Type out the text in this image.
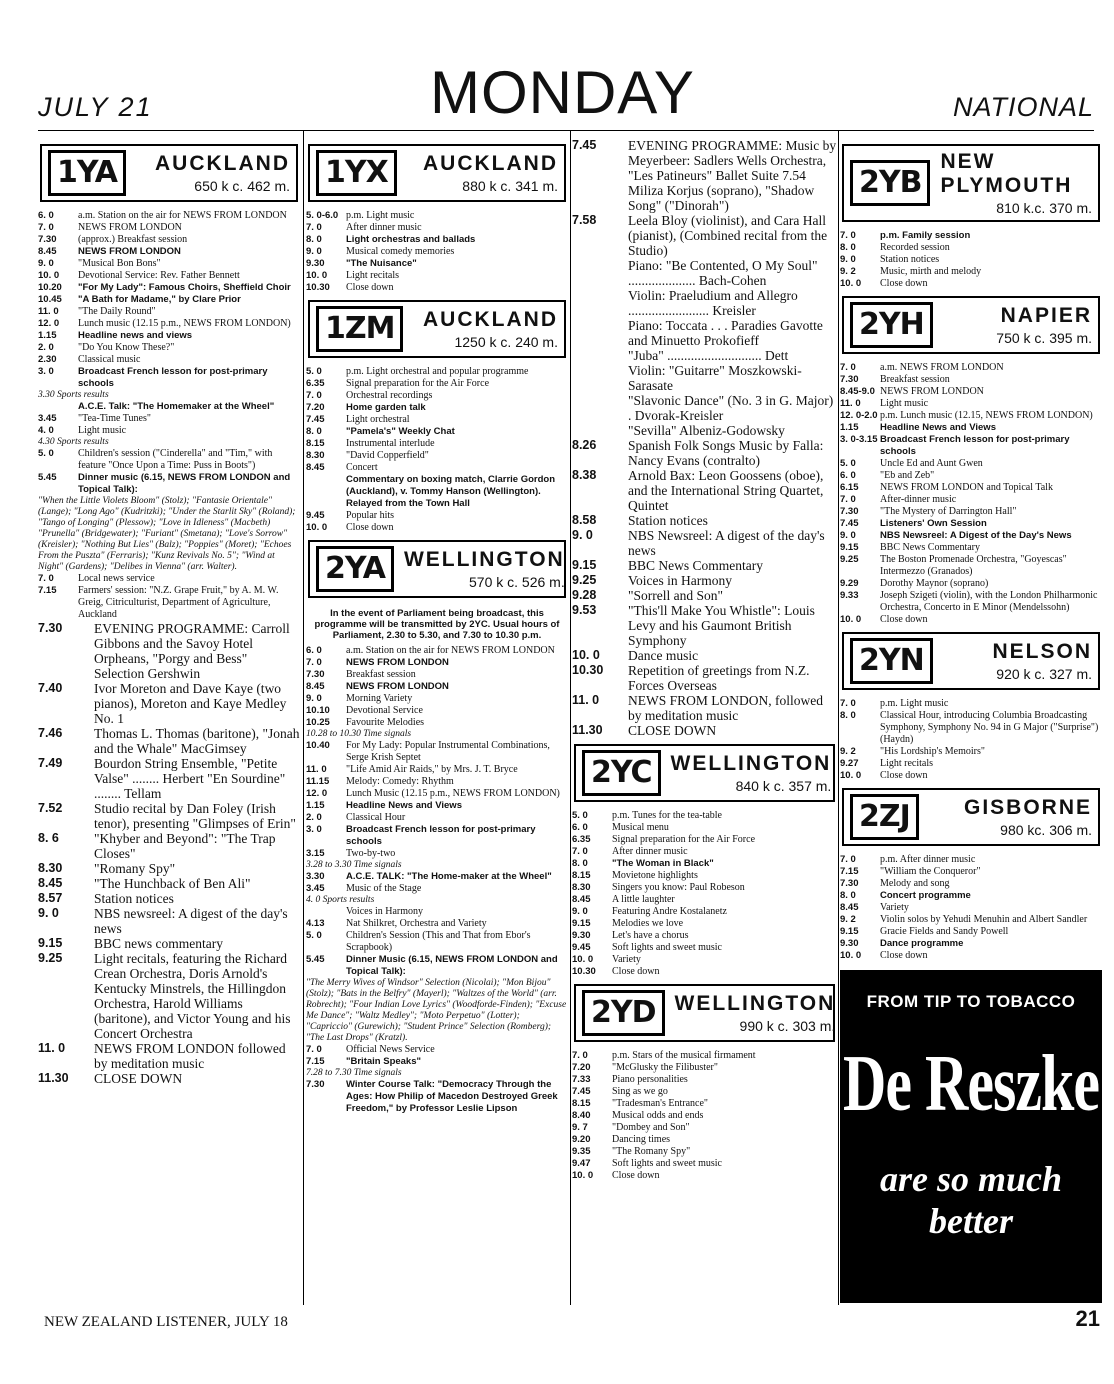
JULY 21	MONDAY	NATIONAL
1YA	AUCKLAND
650 k c. 462 m.
6. 0	a.m. Station on the air for NEWS FROM LONDON
7. 0	NEWS FROM LONDON
7.30	(approx.) Breakfast session
8.45	NEWS FROM LONDON
9. 0	"Musical Bon Bons"
10. 0	Devotional Service: Rev. Father Bennett
10.20	"For My Lady": Famous Choirs, Sheffield Choir
10.45	"A Bath for Madame," by Clare Prior
11. 0	"The Daily Round"
12. 0	Lunch music (12.15 p.m., NEWS FROM LONDON)
1.15	Headline news and views
2. 0	"Do You Know These?"
2.30	Classical music
3. 0	Broadcast French lesson for post-primary schools
3.30 Sports results
A.C.E. Talk: "The Homemaker at the Wheel"
3.45	"Tea-Time Tunes"
4. 0	Light music
4.30 Sports results
5. 0	Children's session ("Cinderella" and "Tim," with feature "Once Upon a Time: Puss in Boots")
5.45	Dinner music (6.15, NEWS FROM LONDON and Topical Talk):
"When the Little Violets Bloom" (Stolz); "Fantasie Orientale" (Lange); "Long Ago" (Kudritzki); "Under the Starlit Sky" (Roland); "Tango of Longing" (Plessow); "Love in Idleness" (Macbeth) "Prunella" (Bridgewater); "Furiant" (Smetana); "Love's Sorrow" (Kreisler); "Nothing But Lies" (Balz); "Poppies" (Moret); "Echoes From the Puszta" (Ferraris); "Kunz Revivals No. 5"; "Wind at Night" (Gardens); "Delibes in Vienna" (arr. Walter).
7. 0	Local news service
7.15	Farmers' session: "N.Z. Grape Fruit," by A. M. W. Greig, Citriculturist, Department of Agriculture, Auckland
7.30	EVENING PROGRAMME: Carroll Gibbons and the Savoy Hotel Orpheans, "Porgy and Bess" Selection Gershwin
7.40	Ivor Moreton and Dave Kaye (two pianos), Moreton and Kaye Medley No. 1
7.46	Thomas L. Thomas (baritone), "Jonah and the Whale" MacGimsey
7.49	Bourdon String Ensemble, "Petite Valse" ........ Herbert "En Sourdine" ........ Tellam
7.52	Studio recital by Dan Foley (Irish tenor), presenting "Glimpses of Erin"
8. 6	"Khyber and Beyond": "The Trap Closes"
8.30	"Romany Spy"
8.45	"The Hunchback of Ben Ali"
8.57	Station notices
9. 0	NBS newsreel: A digest of the day's news
9.15	BBC news commentary
9.25	Light recitals, featuring the Richard Crean Orchestra, Doris Arnold's Kentucky Minstrels, the Hillingdon Orchestra, Harold Williams (baritone), and Victor Young and his Concert Orchestra
11. 0	NEWS FROM LONDON followed by meditation music
11.30	CLOSE DOWN
1YX	AUCKLAND
880 k c. 341 m.
5. 0-6.0 p.m. Light music
7. 0	After dinner music
8. 0	Light orchestras and ballads
9. 0	Musical comedy memories
9.30	"The Nuisance"
10. 0	Light recitals
10.30	Close down
1ZM	AUCKLAND
1250 k c. 240 m.
5. 0	p.m. Light orchestral and popular programme
6.35	Signal preparation for the Air Force
7. 0	Orchestral recordings
7.20	Home garden talk
7.45	Light orchestral
8. 0	"Pamela's" Weekly Chat
8.15	Instrumental interlude
8.30	"David Copperfield"
8.45	Concert
Commentary on boxing match, Clarrie Gordon (Auckland), v. Tommy Hanson (Wellington). Relayed from the Town Hall
9.45	Popular hits
10. 0	Close down
2YA WELLINGTON
570 k c. 526 m.
In the event of Parliament being broadcast, this programme will be transmitted by 2YC. Usual hours of Parliament, 2.30 to 5.30, and 7.30 to 10.30 p.m.
6. 0	a.m. Station on the air for NEWS FROM LONDON
7. 0	NEWS FROM LONDON
7.30	Breakfast session
8.45	NEWS FROM LONDON
9. 0	Morning Variety
10.10	Devotional Service
10.25	Favourite Melodies
10.28 to 10.30 Time signals
10.40	For My Lady: Popular Instrumental Combinations, Serge Krish Septet
11. 0	"Life Amid Air Raids," by Mrs. J. T. Bryce
11.15	Melody: Comedy: Rhythm
12. 0	Lunch Music (12.15 p.m., NEWS FROM LONDON)
1.15	Headline News and Views
2. 0	Classical Hour
3. 0	Broadcast French lesson for post-primary schools
3.15	Two-by-two
3.28 to 3.30 Time signals
3.30	A.C.E. TALK: "The Home-maker at the Wheel"
3.45	Music of the Stage
4. 0 Sports results
Voices in Harmony
4.13	Nat Shilkret, Orchestra and Variety
5. 0	Children's Session (This and That from Ebor's Scrapbook)
5.45	Dinner Music (6.15, NEWS FROM LONDON and Topical Talk):
"The Merry Wives of Windsor" Selection (Nicolai); "Mon Bijou" (Stolz); "Bats in the Belfry" (Mayerl); "Waltzes of the World" (arr. Robrecht); "Four Indian Love Lyrics" (Woodforde-Finden); "Excuse Me Dance"; "Waltz Medley"; "Moto Perpetuo" (Lotter); "Capriccio" (Gurewich); "Student Prince" Selection (Romberg); "The Last Drops" (Kratzl).
7. 0	Official News Service
7.15	"Britain Speaks"
7.28 to 7.30 Time signals
7.30	Winter Course Talk: "Democracy Through the Ages: How Philip of Macedon Destroyed Greek Freedom," by Professor Leslie Lipson
7.45	EVENING PROGRAMME: Music by Meyerbeer: Sadlers Wells Orchestra, "Les Patineurs" Ballet Suite 7.54 Miliza Korjus (soprano), "Shadow Song" ("Dinorah")
7.58	Leela Bloy (violinist), and Cara Hall (pianist), (Combined recital from the Studio)
Piano: "Be Contented, O My Soul" .................... Bach-Cohen
Violin: Praeludium and Allegro ........................ Kreisler
Piano: Toccata . . . Paradies Gavotte and Minuetto Prokofieff
"Juba" ............................ Dett
Violin: "Guitarre" Moszkowski-Sarasate
"Slavonic Dance" (No. 3 in G. Major) . Dvorak-Kreisler
"Sevilla" Albeniz-Godowsky
8.26	Spanish Folk Songs Music by Falla: Nancy Evans (contralto)
8.38	Arnold Bax: Leon Goossens (oboe), and the International String Quartet, Quintet
8.58	Station notices
9. 0	NBS Newsreel: A digest of the day's news
9.15	BBC News Commentary
9.25	Voices in Harmony
9.28	"Sorrell and Son"
9.53	"This'll Make You Whistle": Louis Levy and his Gaumont British Symphony
10. 0	Dance music
10.30	Repetition of greetings from N.Z. Forces Overseas
11. 0	NEWS FROM LONDON, followed by meditation music
11.30	CLOSE DOWN
2YC WELLINGTON
840 k c. 357 m.
5. 0	p.m. Tunes for the tea-table
6. 0	Musical menu
6.35	Signal preparation for the Air Force
7. 0	After dinner music
8. 0	"The Woman in Black"
8.15	Movietone highlights
8.30	Singers you know: Paul Robeson
8.45	A little laughter
9. 0	Featuring Andre Kostalanetz
9.15	Melodies we love
9.30	Let's have a chorus
9.45	Soft lights and sweet music
10. 0	Variety
10.30	Close down
2YD WELLINGTON
990 k c. 303 m.
7. 0	p.m. Stars of the musical firmament
7.20	"McGlusky the Filibuster"
7.33	Piano personalities
7.45	Sing as we go
8.15	"Tradesman's Entrance"
8.40	Musical odds and ends
9. 7	"Dombey and Son"
9.20	Dancing times
9.35	"The Romany Spy"
9.47	Soft lights and sweet music
10. 0	Close down
2YB
NEW PLYMOUTH
810 k.c. 370 m.
7. 0	p.m. Family session
8. 0	Recorded session
9. 0	Station notices
9. 2	Music, mirth and melody
10. 0	Close down
2YH	NAPIER
750 k c. 395 m.
7. 0	a.m. NEWS FROM LONDON
7.30	Breakfast session
8.45-9.0 NEWS FROM LONDON
11. 0	Light music
12. 0-2.0 p.m. Lunch music (12.15, NEWS FROM LONDON)
1.15	Headline News and Views
3. 0-3.15 Broadcast French lesson for post-primary schools
5. 0	Uncle Ed and Aunt Gwen
6. 0	"Eb and Zeb"
6.15	NEWS FROM LONDON and Topical Talk
7. 0	After-dinner music
7.30	"The Mystery of Darrington Hall"
7.45	Listeners' Own Session
9. 0	NBS Newsreel: A Digest of the Day's News
9.15	BBC News Commentary
9.25	The Boston Promenade Orchestra, "Goyescas" Intermezzo (Granados)
9.29	Dorothy Maynor (soprano)
9.33	Joseph Szigeti (violin), with the London Philharmonic Orchestra, Concerto in E Minor (Mendelssohn)
10. 0	Close down
2YN	NELSON
920 k c. 327 m.
7. 0	p.m. Light music
8. 0	Classical Hour, introducing Columbia Broadcasting Symphony, Symphony No. 94 in G Major ("Surprise") (Haydn)
9. 2	"His Lordship's Memoirs"
9.27	Light recitals
10. 0	Close down
2ZJ	GISBORNE
980 kc. 306 m.
7. 0	p.m. After dinner music
7.15	"William the Conqueror"
7.30	Melody and song
8. 0	Concert programme
8.45	Variety
9. 2	Violin solos by Yehudi Menuhin and Albert Sandler
9.15	Gracie Fields and Sandy Powell
9.30	Dance programme
10. 0	Close down
FROM TIP TO TOBACCO
De Reszke
are so much better
NEW ZEALAND LISTENER, JULY 18	21
